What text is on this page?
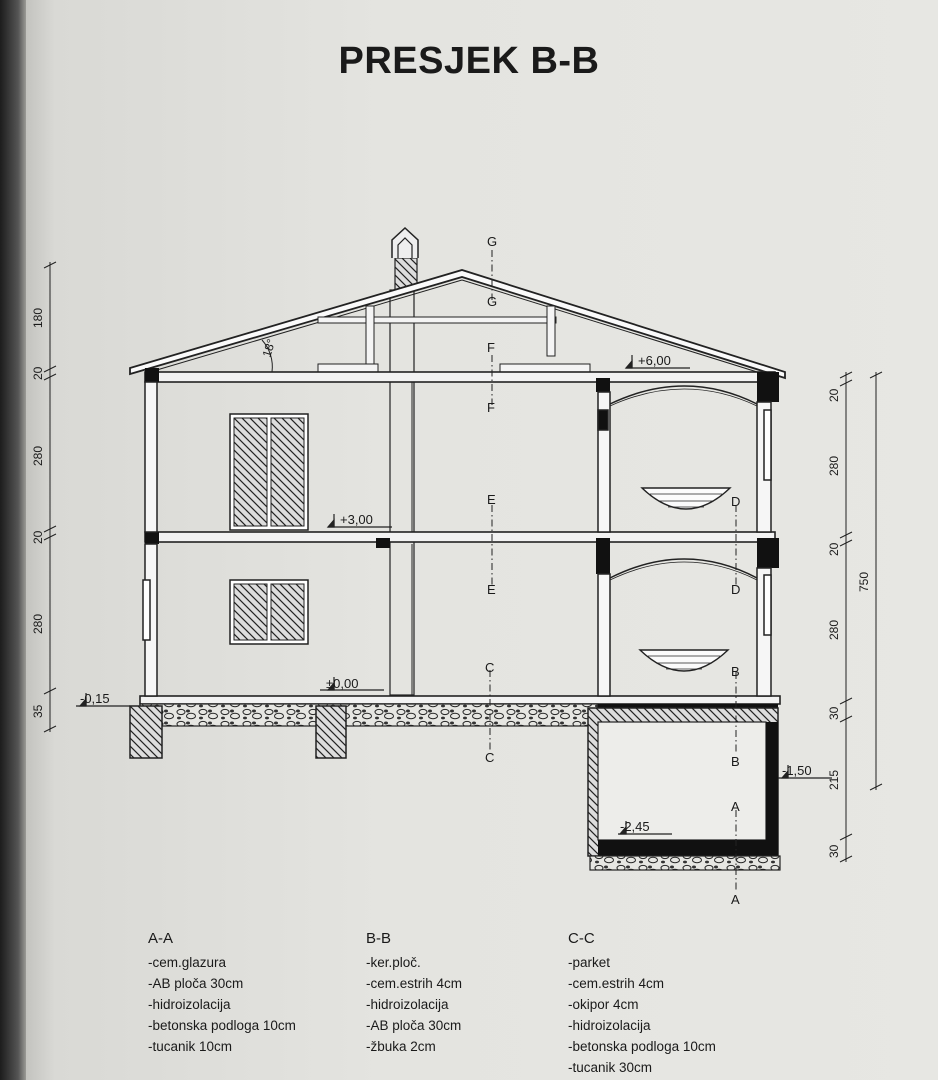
PRESJEK B-B
18°
G
G
F
F
E
E
D
D
C
C
B
B
A
A
+6,00
+3,00
±0,00
-0,15
-1,50
-2,45
180
20
280
20
280
35
20
280
20
280
30
215
30
750
A-A
-cem.glazura
-AB ploča 30cm
-hidroizolacija
-betonska podloga 10cm
-tucanik 10cm
B-B
-ker.ploč.
-cem.estrih 4cm
-hidroizolacija
-AB ploča 30cm
-žbuka 2cm
C-C
-parket
-cem.estrih 4cm
-okipor 4cm
-hidroizolacija
-betonska podloga 10cm
-tucanik 30cm
